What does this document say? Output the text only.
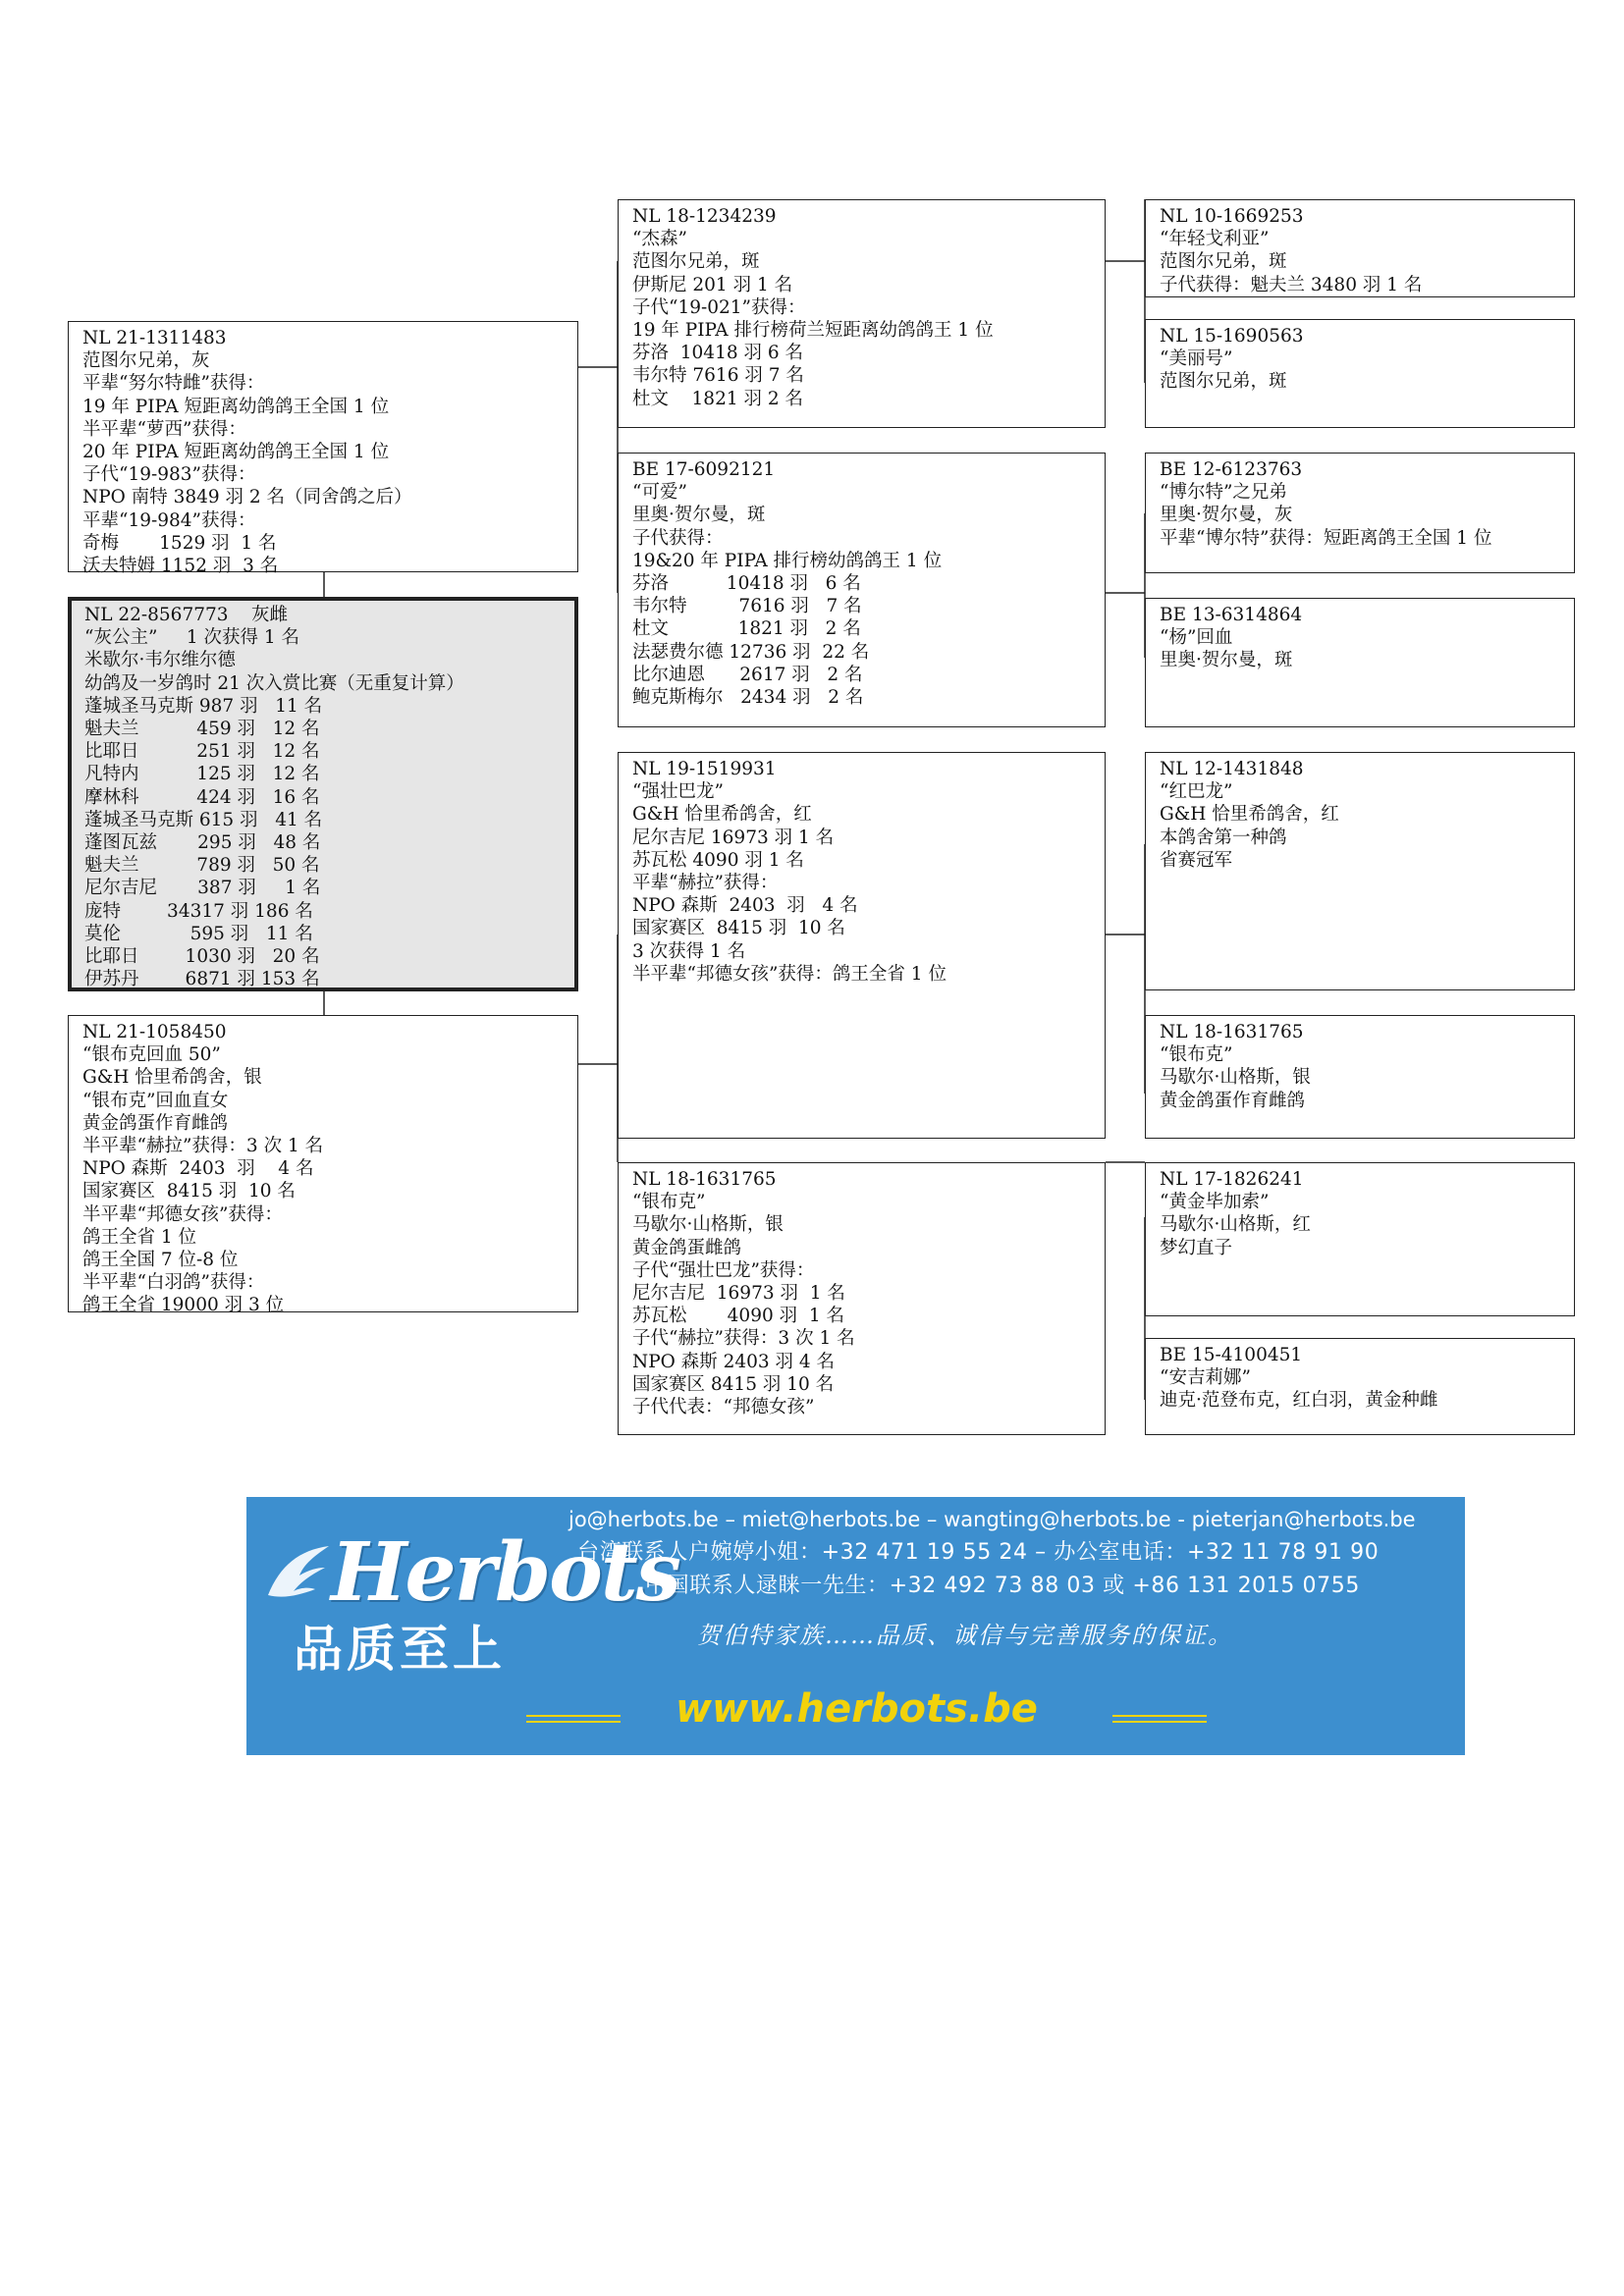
NL 21-1311483
范图尔兄弟，灰
平辈“努尔特雌”获得：
19 年 PIPA 短距离幼鸽鸽王全国 1 位
半平辈“萝西”获得：
20 年 PIPA 短距离幼鸽鸽王全国 1 位
子代“19-983”获得：
NPO 南特 3849 羽 2 名（同舍鸽之后）
平辈“19-984”获得：
奇梅       1529 羽  1 名
沃夫特姆 1152 羽  3 名
NL 22-8567773    灰雌
“灰公主”     1 次获得 1 名
米歇尔·韦尔维尔德
幼鸽及一岁鸽时 21 次入赏比赛（无重复计算）
蓬城圣马克斯 987 羽   11 名
魁夫兰          459 羽   12 名
比耶日          251 羽   12 名
凡特内          125 羽   12 名
摩林科          424 羽   16 名
蓬城圣马克斯 615 羽   41 名
蓬图瓦兹       295 羽   48 名
魁夫兰          789 羽   50 名
尼尔吉尼       387 羽     1 名
庞特        34317 羽 186 名
莫伦            595 羽   11 名
比耶日        1030 羽   20 名
伊苏丹        6871 羽 153 名
NL 21-1058450
“银布克回血 50”
G&H 恰里希鸽舍，银
“银布克”回血直女
黄金鸽蛋作育雌鸽
半平辈“赫拉”获得：3 次 1 名
NPO 森斯  2403  羽    4 名
国家赛区  8415 羽  10 名
半平辈“邦德女孩”获得：
鸽王全省 1 位
鸽王全国 7 位-8 位
半平辈“白羽鸽”获得：
鸽王全省 19000 羽 3 位
NL 18-1234239
“杰森”
范图尔兄弟，斑
伊斯尼 201 羽 1 名
子代“19-021”获得：
19 年 PIPA 排行榜荷兰短距离幼鸽鸽王 1 位
芬洛  10418 羽 6 名
韦尔特 7616 羽 7 名
杜文    1821 羽 2 名
BE 17-6092121
“可爱”
里奥·贺尔曼，斑
子代获得：
19&20 年 PIPA 排行榜幼鸽鸽王 1 位
芬洛          10418 羽   6 名
韦尔特         7616 羽   7 名
杜文            1821 羽   2 名
法瑟费尔德 12736 羽  22 名
比尔迪恩      2617 羽   2 名
鲍克斯梅尔   2434 羽   2 名
NL 19-1519931
“强壮巴龙”
G&H 恰里希鸽舍，红
尼尔吉尼 16973 羽 1 名
苏瓦松 4090 羽 1 名
平辈“赫拉”获得：
NPO 森斯  2403  羽   4 名
国家赛区  8415 羽  10 名
3 次获得 1 名
半平辈“邦德女孩”获得：鸽王全省 1 位
NL 18-1631765
“银布克”
马歇尔·山格斯，银
黄金鸽蛋雌鸽
子代“强壮巴龙”获得：
尼尔吉尼  16973 羽  1 名
苏瓦松       4090 羽  1 名
子代“赫拉”获得：3 次 1 名
NPO 森斯 2403 羽 4 名
国家赛区 8415 羽 10 名
子代代表：“邦德女孩”
NL 10-1669253
“年轻戈利亚”
范图尔兄弟，斑
子代获得：魁夫兰 3480 羽 1 名
NL 15-1690563
“美丽号”
范图尔兄弟，斑
BE 12-6123763
“博尔特”之兄弟
里奥·贺尔曼，灰
平辈“博尔特”获得：短距离鸽王全国 1 位
BE 13-6314864
“杨”回血
里奥·贺尔曼，斑
NL 12-1431848
“红巴龙”
G&H 恰里希鸽舍，红
本鸽舍第一种鸽
省赛冠军
NL 18-1631765
“银布克”
马歇尔·山格斯，银
黄金鸽蛋作育雌鸽
NL 17-1826241
“黄金毕加索”
马歇尔·山格斯，红
梦幻直子
BE 15-4100451
“安吉莉娜”
迪克·范登布克，红白羽，黄金种雌
Herbots
品质至上
jo@herbots.be – miet@herbots.be – wangting@herbots.be - pieterjan@herbots.be
台湾联系人户婉婷小姐：+32 471 19 55 24 – 办公室电话：+32 11 78 91 90
中国联系人逯睐一先生：+32 492 73 88 03 或 +86 131 2015 0755
贺伯特家族……品质、诚信与完善服务的保证。
www.herbots.be
